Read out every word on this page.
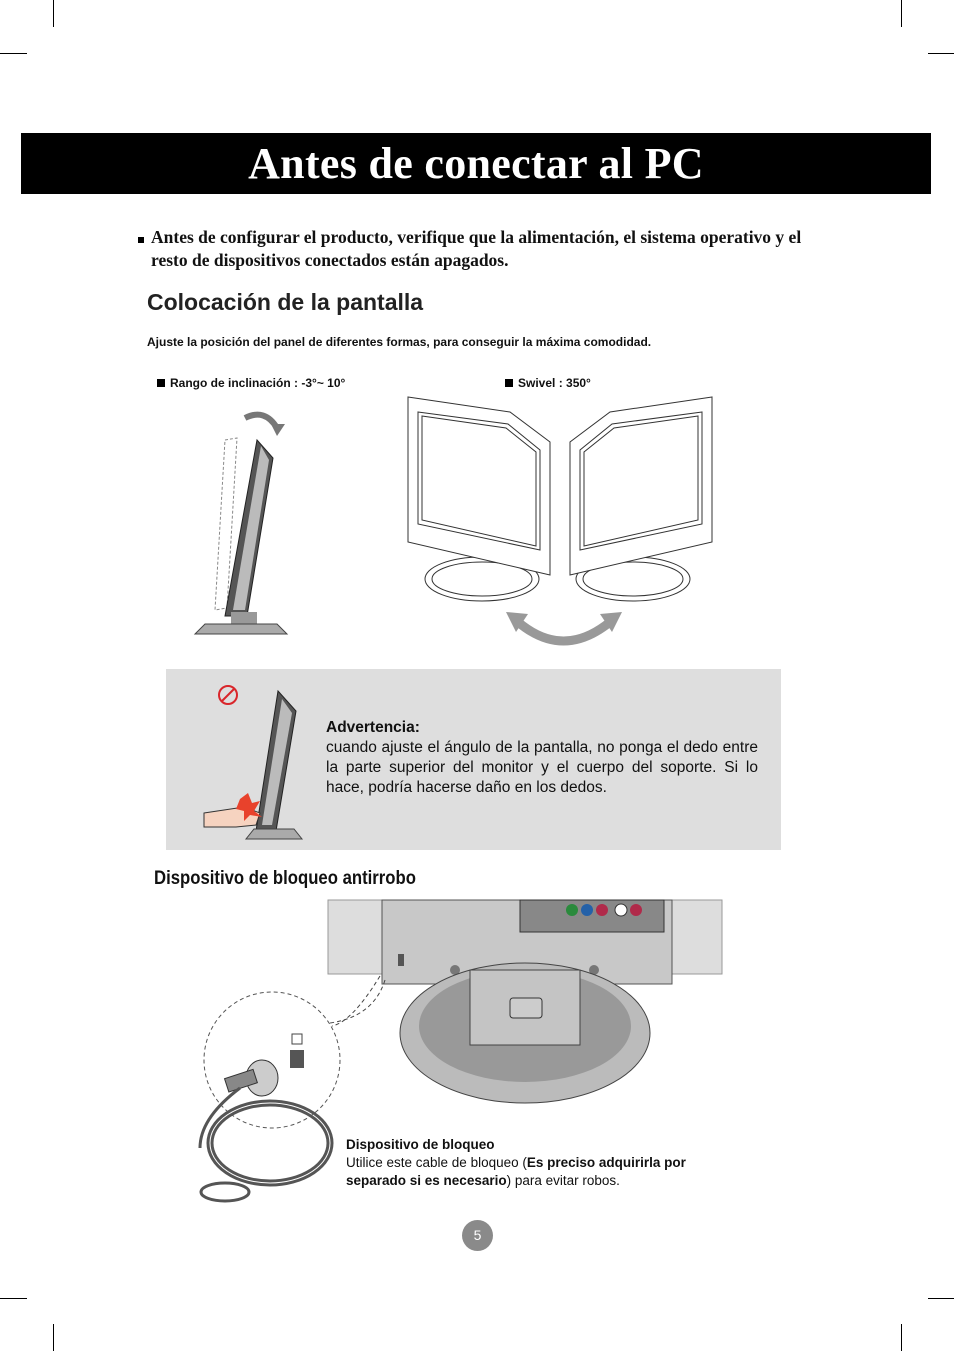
Antes de conectar al PC
Antes de configurar el producto, verifique que la alimentación, el sistema operativo y el resto de dispositivos conectados están apagados.
Colocación de la pantalla
Ajuste la posición del panel de diferentes formas, para conseguir la máxima comodidad.
Rango de inclinación : -3°~ 10°	Swivel : 350°
Advertencia:
cuando ajuste el ángulo de la pantalla, no ponga el dedo entre la parte superior del monitor y el cuerpo del soporte. Si lo hace, podría hacerse daño en los dedos.
Dispositivo de bloqueo antirrobo
Dispositivo de bloqueo
Utilice este cable de bloqueo (Es preciso adquirirla por separado si es necesario) para evitar robos.
5
